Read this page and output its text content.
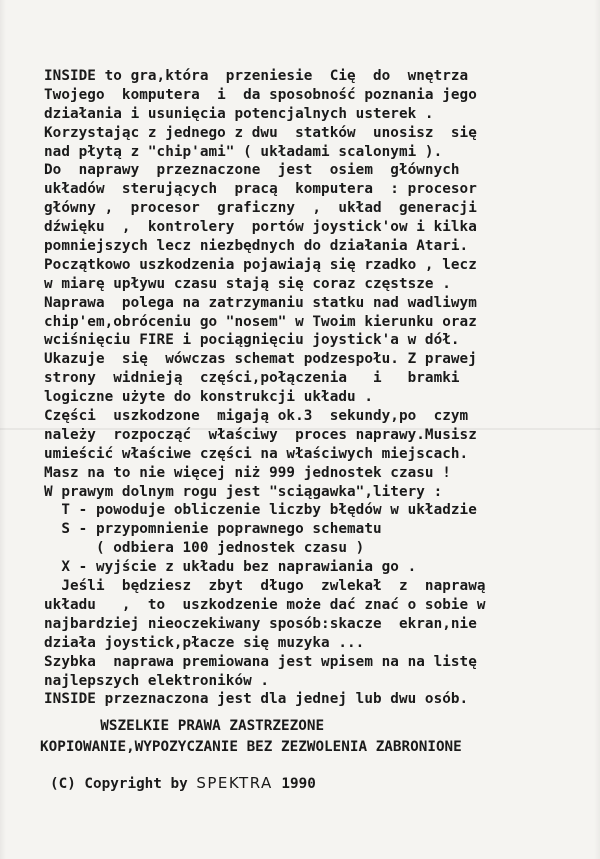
INSIDE to gra,która  przeniesie  Cię  do  wnętrza
Twojego  komputera  i  da sposobność poznania jego
działania i usunięcia potencjalnych usterek .
Korzystając z jednego z dwu  statków  unosisz  się
nad płytą z "chip'ami" ( układami scalonymi ).
Do  naprawy  przeznaczone  jest  osiem  głównych
układów  sterujących  pracą  komputera  : procesor
główny ,  procesor  graficzny  ,  układ  generacji
dźwięku  ,  kontrolery  portów joystick'ow i kilka
pomniejszych lecz niezbędnych do działania Atari.
Początkowo uszkodzenia pojawiają się rzadko , lecz
w miarę upływu czasu stają się coraz częstsze .
Naprawa  polega na zatrzymaniu statku nad wadliwym
chip'em,obróceniu go "nosem" w Twoim kierunku oraz
wciśnięciu FIRE i pociągnięciu joystick'a w dół.
Ukazuje  się  wówczas schemat podzespołu. Z prawej
strony  widnieją  części,połączenia   i   bramki
logiczne użyte do konstrukcji układu .
Części  uszkodzone  migają ok.3  sekundy,po  czym
należy  rozpocząć  właściwy  proces naprawy.Musisz
umieścić właściwe części na właściwych miejscach.
Masz na to nie więcej niż 999 jednostek czasu !
W prawym dolnym rogu jest "sciągawka",litery :
T - powoduje obliczenie liczby błędów w układzie
S - przypomnienie poprawnego schematu
( odbiera 100 jednostek czasu )
X - wyjście z układu bez naprawiania go .
Jeśli  będziesz  zbyt  długo  zwlekał  z  naprawą
układu   ,  to  uszkodzenie może dać znać o sobie w
najbardziej nieoczekiwany sposób:skacze  ekran,nie
działa joystick,płacze się muzyka ...
Szybka  naprawa premiowana jest wpisem na na listę
najlepszych elektroników .
INSIDE przeznaczona jest dla jednej lub dwu osób.
WSZELKIE PRAWA ZASTRZEZONE
KOPIOWANIE,WYPOZYCZANIE BEZ ZEZWOLENIA ZABRONIONE
(C) Copyright by SPEKTRA 1990
